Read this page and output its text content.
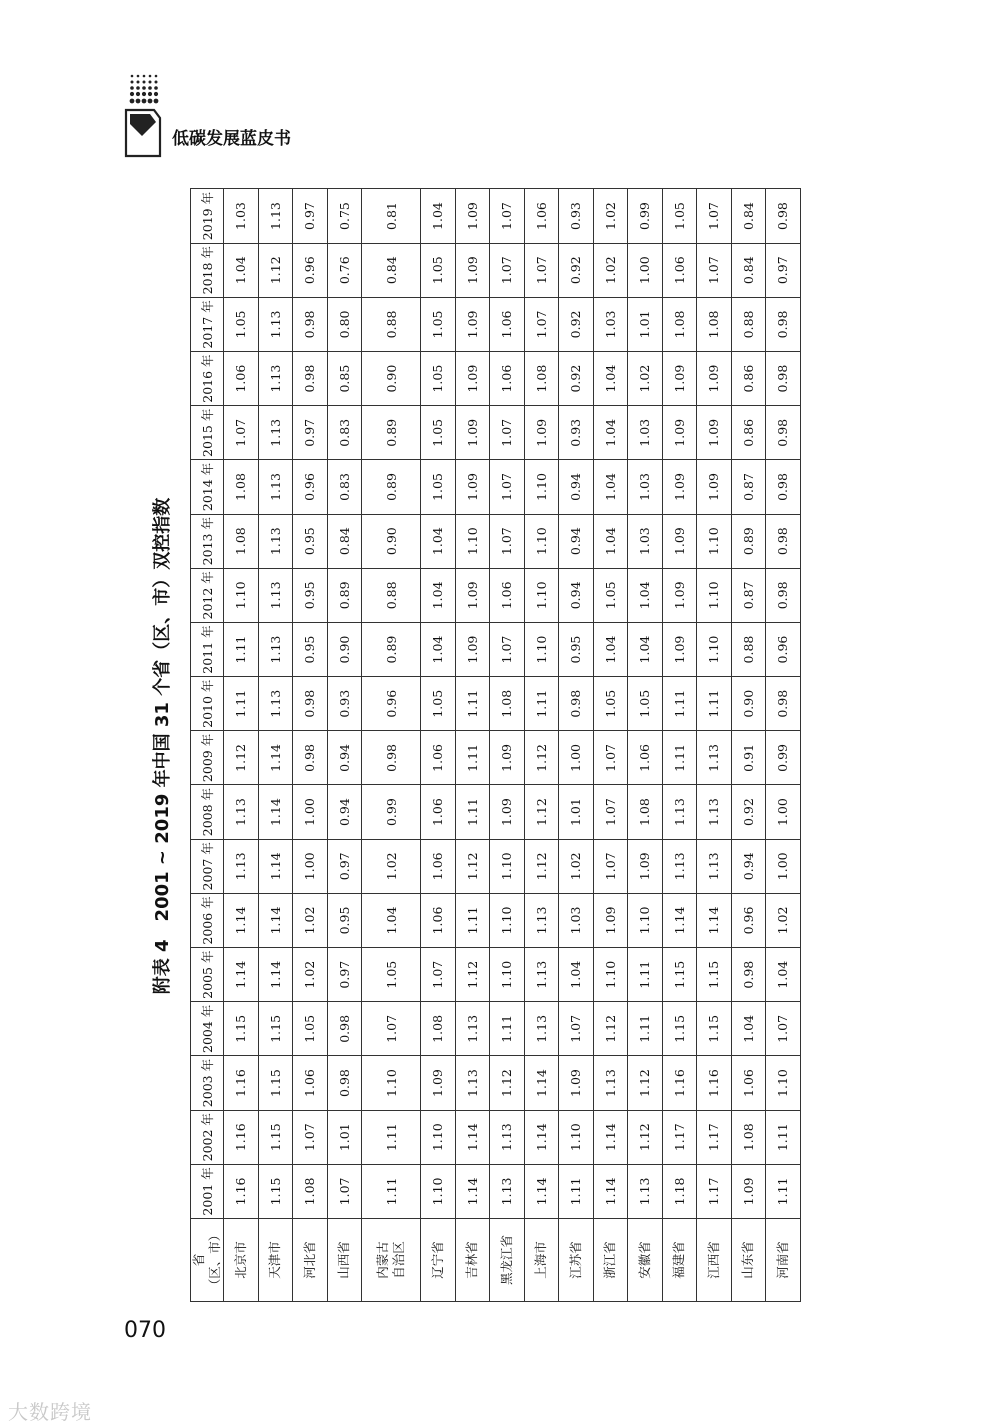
低碳发展蓝皮书
附表 4　2001 ~ 2019 年中国 31 个省（区、市）双控指数
省
（区、市）	2001 年	2002 年	2003 年	2004 年	2005 年	2006 年	2007 年	2008 年	2009 年	2010 年	2011 年	2012 年	2013 年	2014 年	2015 年	2016 年	2017 年	2018 年	2019 年
北京市	1.16	1.16	1.16	1.15	1.14	1.14	1.13	1.13	1.12	1.11	1.11	1.10	1.08	1.08	1.07	1.06	1.05	1.04	1.03
天津市	1.15	1.15	1.15	1.15	1.14	1.14	1.14	1.14	1.14	1.13	1.13	1.13	1.13	1.13	1.13	1.13	1.13	1.12	1.13
河北省	1.08	1.07	1.06	1.05	1.02	1.02	1.00	1.00	0.98	0.98	0.95	0.95	0.95	0.96	0.97	0.98	0.98	0.96	0.97
山西省	1.07	1.01	0.98	0.98	0.97	0.95	0.97	0.94	0.94	0.93	0.90	0.89	0.84	0.83	0.83	0.85	0.80	0.76	0.75
内蒙古
自治区	1.11	1.11	1.10	1.07	1.05	1.04	1.02	0.99	0.98	0.96	0.89	0.88	0.90	0.89	0.89	0.90	0.88	0.84	0.81
辽宁省	1.10	1.10	1.09	1.08	1.07	1.06	1.06	1.06	1.06	1.05	1.04	1.04	1.04	1.05	1.05	1.05	1.05	1.05	1.04
吉林省	1.14	1.14	1.13	1.13	1.12	1.11	1.12	1.11	1.11	1.11	1.09	1.09	1.10	1.09	1.09	1.09	1.09	1.09	1.09
黑龙江省	1.13	1.13	1.12	1.11	1.10	1.10	1.10	1.09	1.09	1.08	1.07	1.06	1.07	1.07	1.07	1.06	1.06	1.07	1.07
上海市	1.14	1.14	1.14	1.13	1.13	1.13	1.12	1.12	1.12	1.11	1.10	1.10	1.10	1.10	1.09	1.08	1.07	1.07	1.06
江苏省	1.11	1.10	1.09	1.07	1.04	1.03	1.02	1.01	1.00	0.98	0.95	0.94	0.94	0.94	0.93	0.92	0.92	0.92	0.93
浙江省	1.14	1.14	1.13	1.12	1.10	1.09	1.07	1.07	1.07	1.05	1.04	1.05	1.04	1.04	1.04	1.04	1.03	1.02	1.02
安徽省	1.13	1.12	1.12	1.11	1.11	1.10	1.09	1.08	1.06	1.05	1.04	1.04	1.03	1.03	1.03	1.02	1.01	1.00	0.99
福建省	1.18	1.17	1.16	1.15	1.15	1.14	1.13	1.13	1.11	1.11	1.09	1.09	1.09	1.09	1.09	1.09	1.08	1.06	1.05
江西省	1.17	1.17	1.16	1.15	1.15	1.14	1.13	1.13	1.13	1.11	1.10	1.10	1.10	1.09	1.09	1.09	1.08	1.07	1.07
山东省	1.09	1.08	1.06	1.04	0.98	0.96	0.94	0.92	0.91	0.90	0.88	0.87	0.89	0.87	0.86	0.86	0.88	0.84	0.84
河南省	1.11	1.11	1.10	1.07	1.04	1.02	1.00	1.00	0.99	0.98	0.96	0.98	0.98	0.98	0.98	0.98	0.98	0.97	0.98
070
大数跨境
